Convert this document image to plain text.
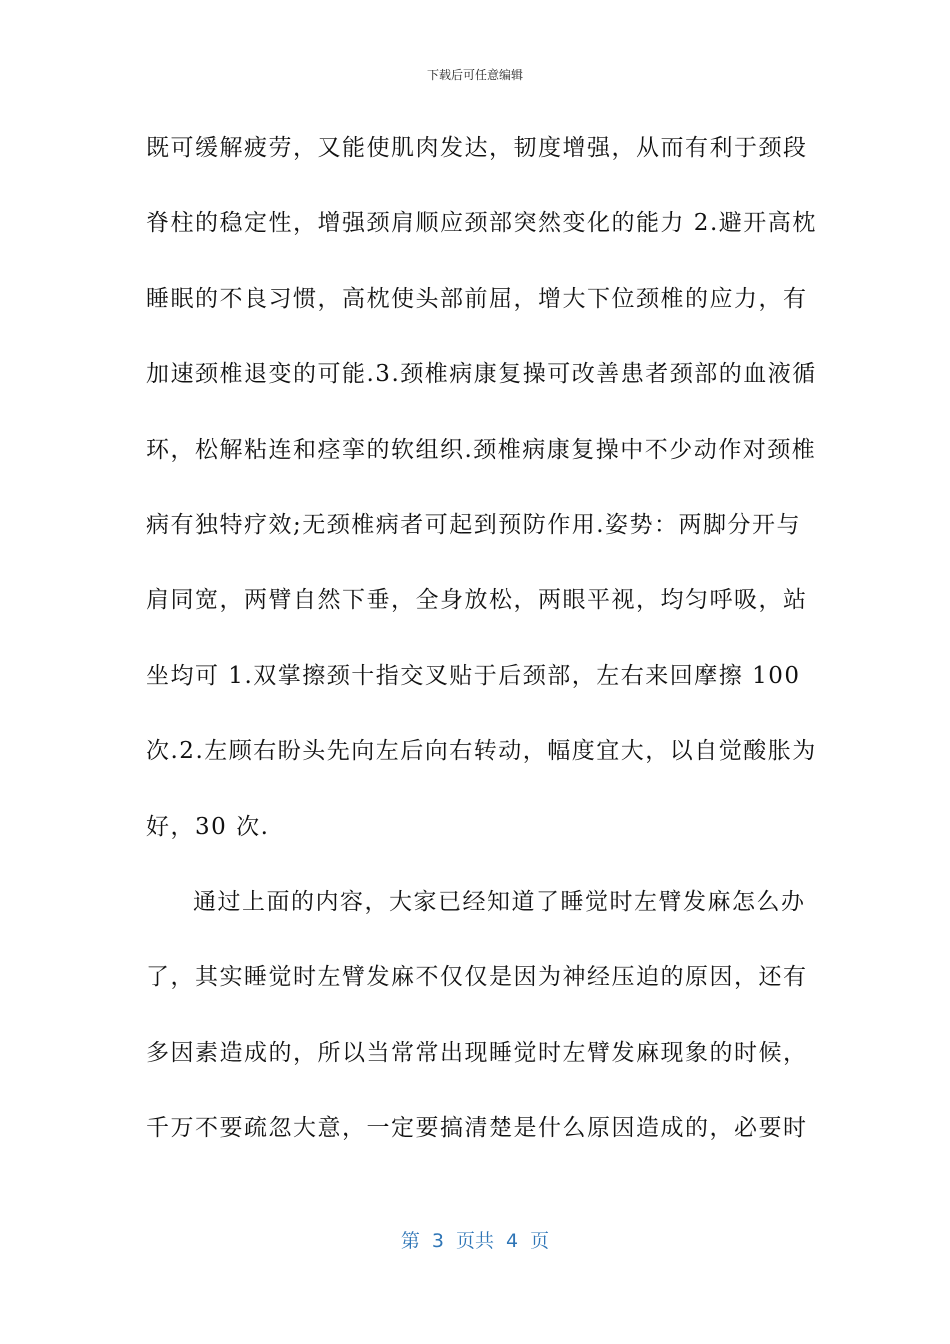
下载后可任意编辑
既可缓解疲劳，又能使肌肉发达，韧度增强，从而有利于颈段
脊柱的稳定性，增强颈肩顺应颈部突然变化的能力 2.避开高枕
睡眠的不良习惯，高枕使头部前屈，增大下位颈椎的应力，有
加速颈椎退变的可能.3.颈椎病康复操可改善患者颈部的血液循
环，松解粘连和痉挛的软组织.颈椎病康复操中不少动作对颈椎
病有独特疗效;无颈椎病者可起到预防作用.姿势：两脚分开与
肩同宽，两臂自然下垂，全身放松，两眼平视，均匀呼吸，站
坐均可 1.双掌擦颈十指交叉贴于后颈部，左右来回摩擦 100
次.2.左顾右盼头先向左后向右转动，幅度宜大，以自觉酸胀为
好，30 次.
通过上面的内容，大家已经知道了睡觉时左臂发麻怎么办
了，其实睡觉时左臂发麻不仅仅是因为神经压迫的原因，还有
多因素造成的，所以当常常出现睡觉时左臂发麻现象的时候，
千万不要疏忽大意，一定要搞清楚是什么原因造成的，必要时
第 3 页共 4 页
